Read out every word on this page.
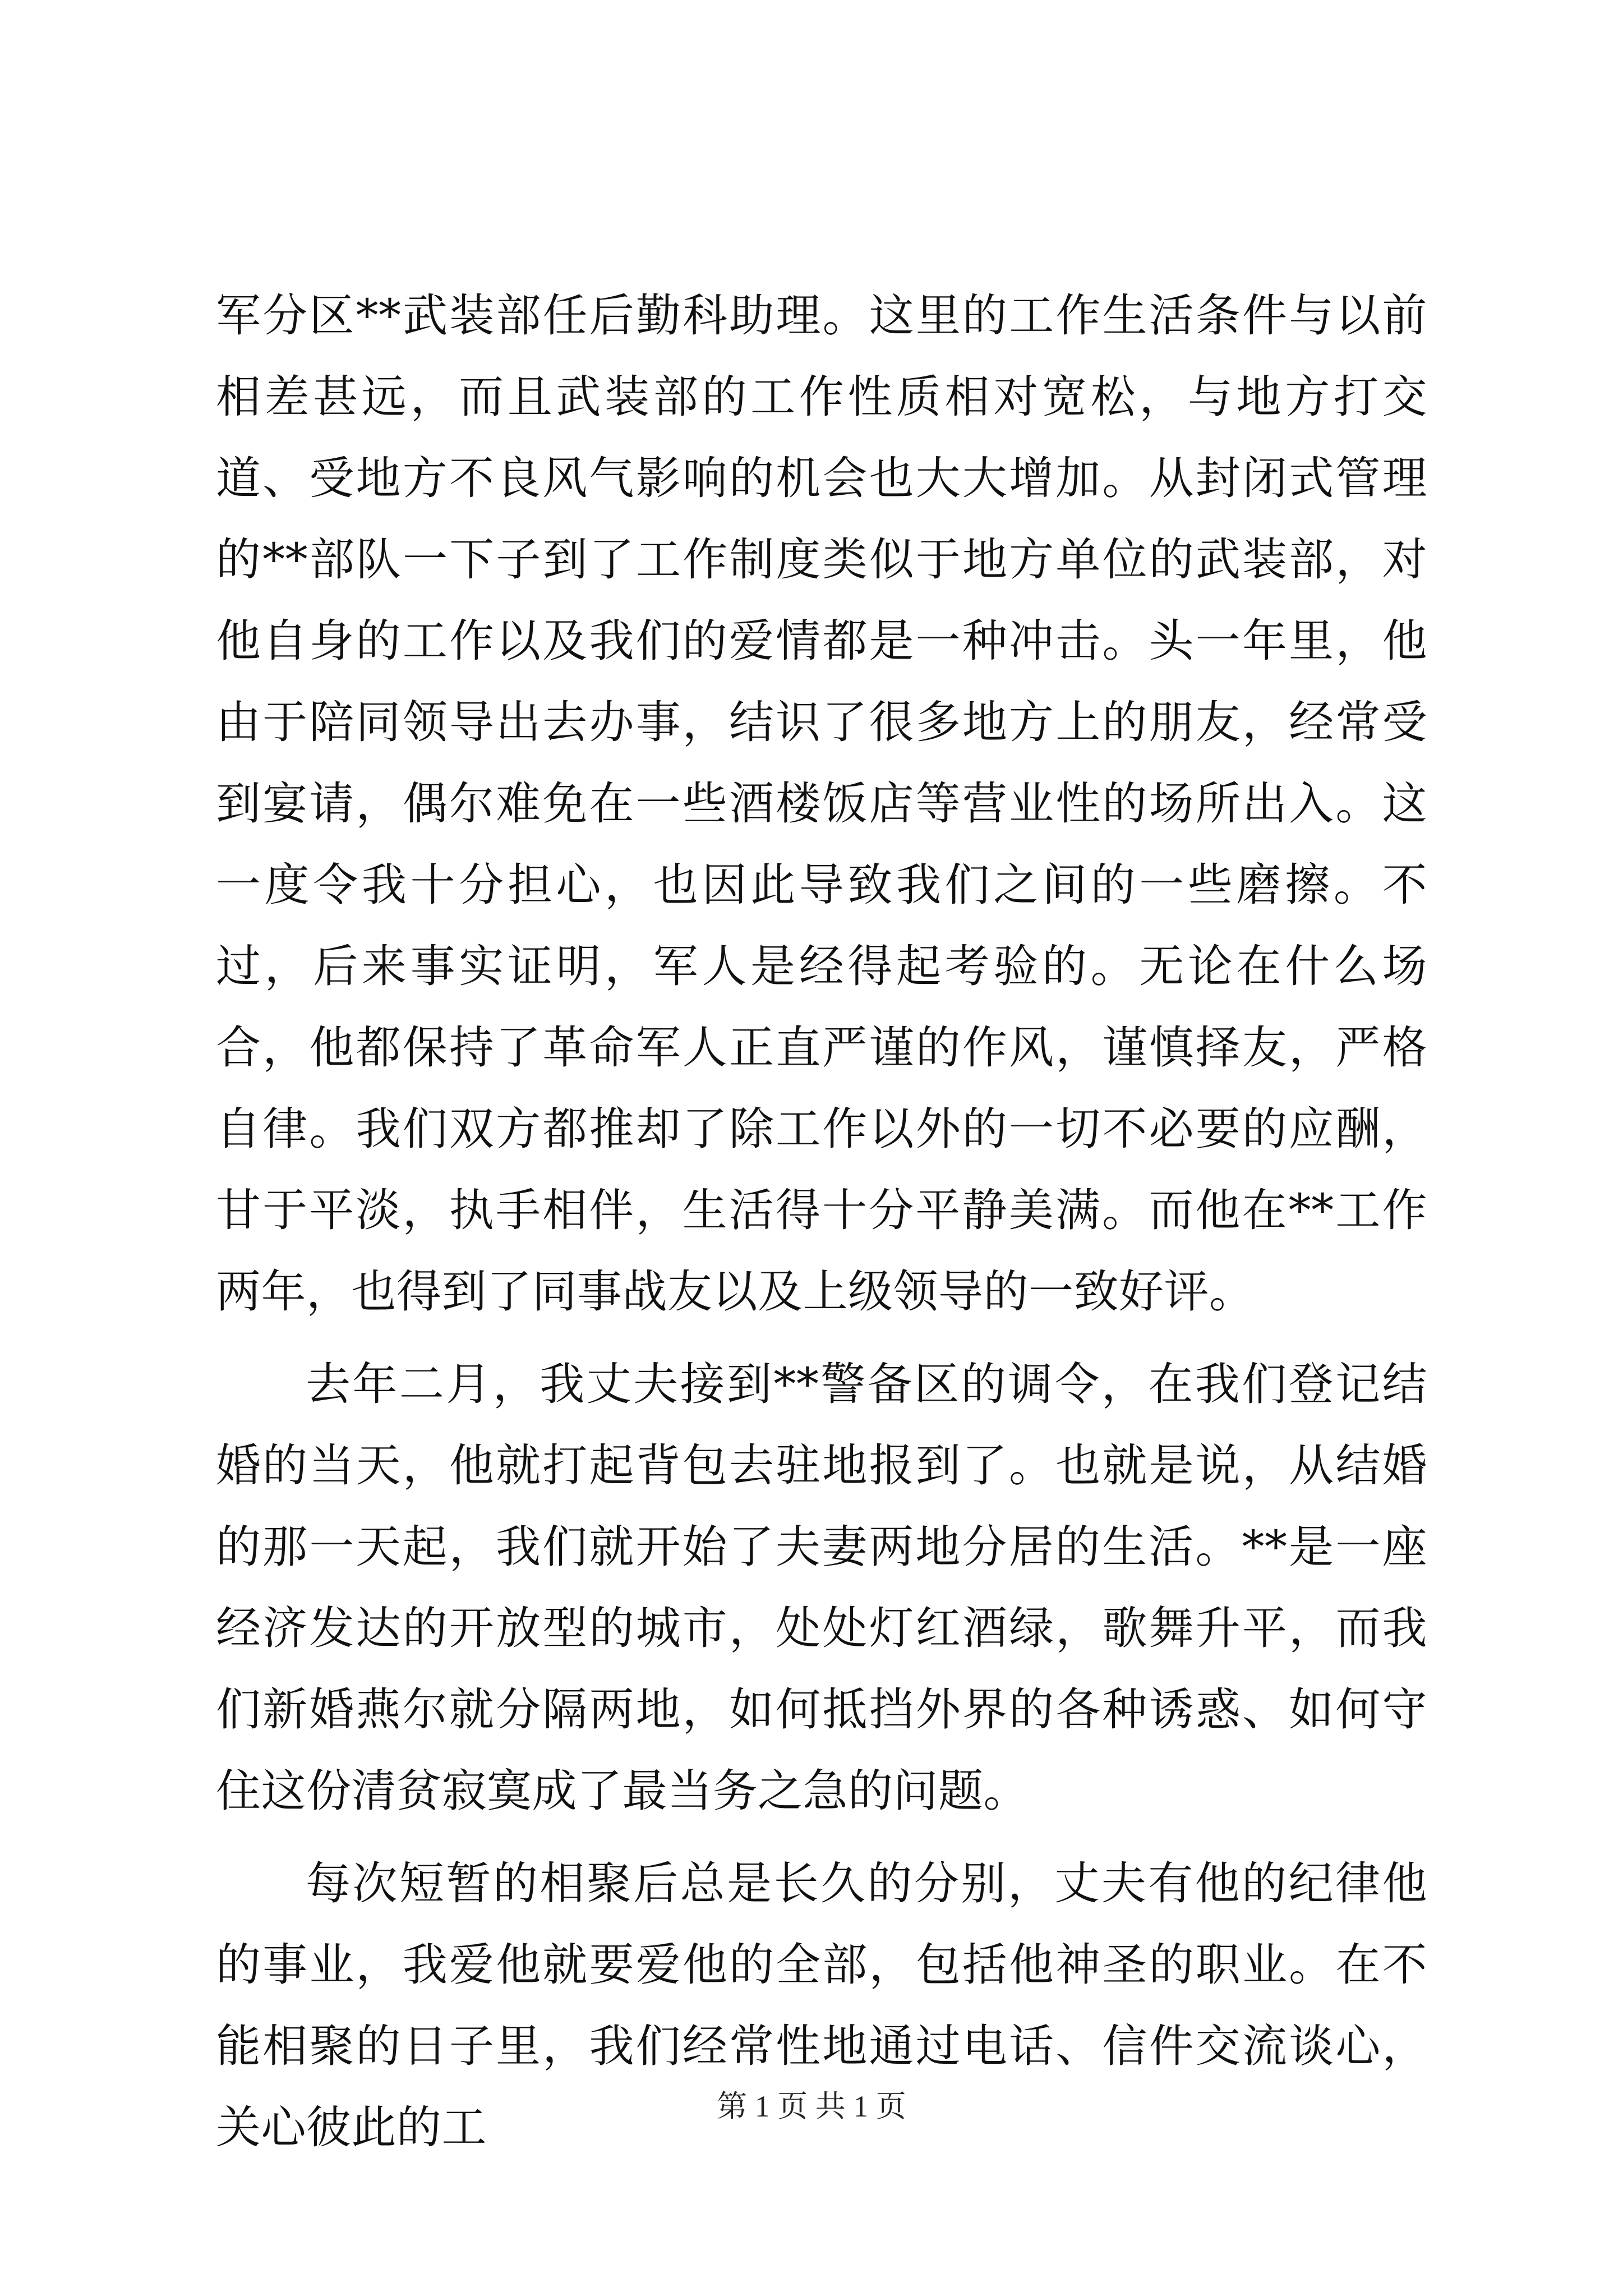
军分区**武装部任后勤科助理。这里的工作生活条件与以前相差甚远，而且武装部的工作性质相对宽松，与地方打交道、受地方不良风气影响的机会也大大增加。从封闭式管理的**部队一下子到了工作制度类似于地方单位的武装部，对他自身的工作以及我们的爱情都是一种冲击。头一年里，他由于陪同领导出去办事，结识了很多地方上的朋友，经常受到宴请，偶尔难免在一些酒楼饭店等营业性的场所出入。这一度令我十分担心，也因此导致我们之间的一些磨擦。不过，后来事实证明，军人是经得起考验的。无论在什么场合，他都保持了革命军人正直严谨的作风，谨慎择友，严格自律。我们双方都推却了除工作以外的一切不必要的应酬，甘于平淡，执手相伴，生活得十分平静美满。而他在**工作两年，也得到了同事战友以及上级领导的一致好评。

去年二月，我丈夫接到**警备区的调令，在我们登记结婚的当天，他就打起背包去驻地报到了。也就是说，从结婚的那一天起，我们就开始了夫妻两地分居的生活。**是一座经济发达的开放型的城市，处处灯红酒绿，歌舞升平，而我们新婚燕尔就分隔两地，如何抵挡外界的各种诱惑、如何守住这份清贫寂寞成了最当务之急的问题。

每次短暂的相聚后总是长久的分别，丈夫有他的纪律他的事业，我爱他就要爱他的全部，包括他神圣的职业。在不能相聚的日子里，我们经常性地通过电话、信件交流谈心，关心彼此的工	第 1 页 共 1 页
